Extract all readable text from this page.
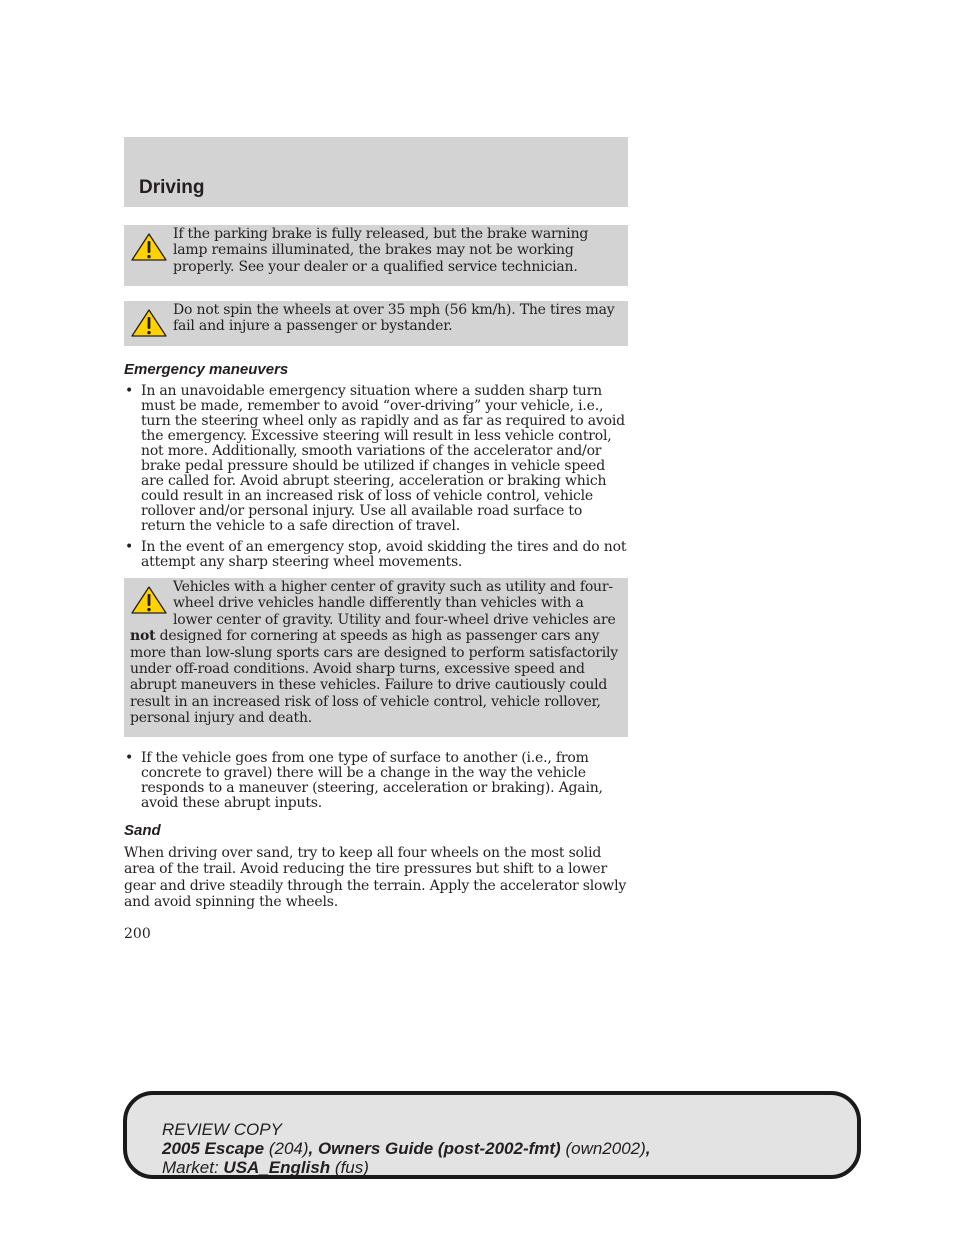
Driving
If the parking brake is fully released, but the brake warning lamp remains illuminated, the brakes may not be working properly. See your dealer or a qualified service technician.
Do not spin the wheels at over 35 mph (56 km/h). The tires may fail and injure a passenger or bystander.
Emergency maneuvers
• In an unavoidable emergency situation where a sudden sharp turn must be made, remember to avoid “over-driving” your vehicle, i.e., turn the steering wheel only as rapidly and as far as required to avoid the emergency. Excessive steering will result in less vehicle control, not more. Additionally, smooth variations of the accelerator and/or brake pedal pressure should be utilized if changes in vehicle speed are called for. Avoid abrupt steering, acceleration or braking which could result in an increased risk of loss of vehicle control, vehicle rollover and/or personal injury. Use all available road surface to return the vehicle to a safe direction of travel.
• In the event of an emergency stop, avoid skidding the tires and do not attempt any sharp steering wheel movements.
Vehicles with a higher center of gravity such as utility and four-wheel drive vehicles handle differently than vehicles with a lower center of gravity. Utility and four-wheel drive vehicles are not designed for cornering at speeds as high as passenger cars any more than low-slung sports cars are designed to perform satisfactorily under off-road conditions. Avoid sharp turns, excessive speed and abrupt maneuvers in these vehicles. Failure to drive cautiously could result in an increased risk of loss of vehicle control, vehicle rollover, personal injury and death.
• If the vehicle goes from one type of surface to another (i.e., from concrete to gravel) there will be a change in the way the vehicle responds to a maneuver (steering, acceleration or braking). Again, avoid these abrupt inputs.
Sand

When driving over sand, try to keep all four wheels on the most solid area of the trail. Avoid reducing the tire pressures but shift to a lower gear and drive steadily through the terrain. Apply the accelerator slowly and avoid spinning the wheels.

200
REVIEW COPY
2005 Escape (204), Owners Guide (post-2002-fmt) (own2002),
Market: USA_English (fus)
